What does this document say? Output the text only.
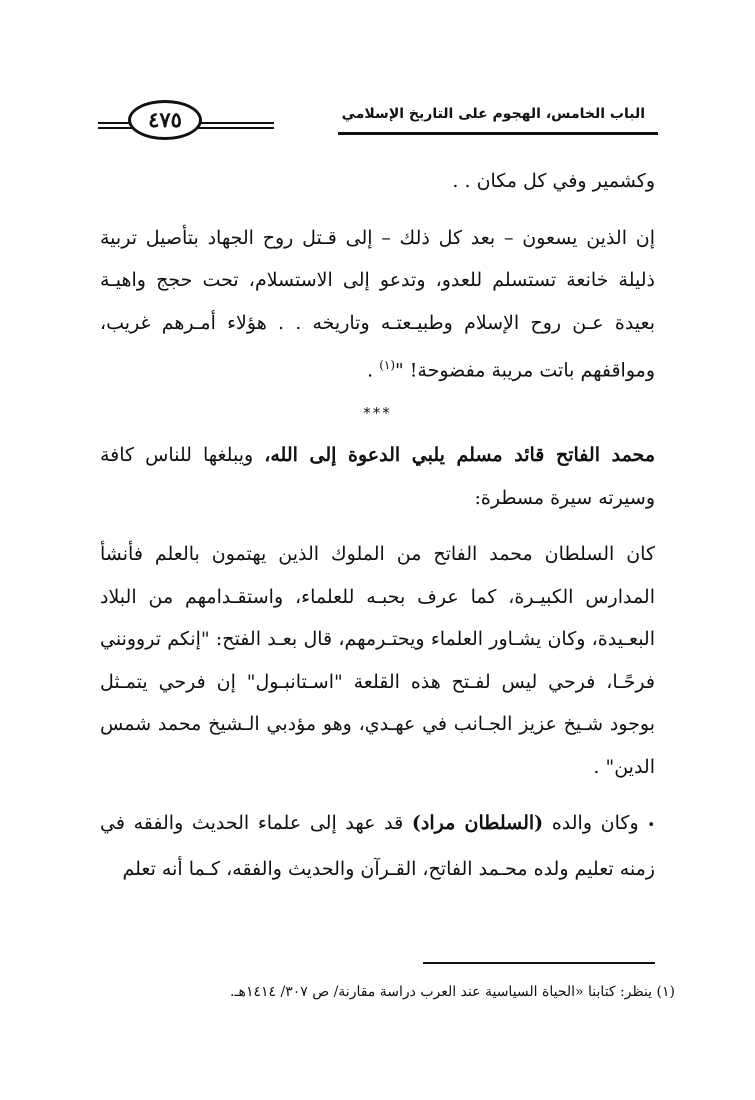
الباب الخامس، الهجوم على التاريخ الإسلامي
٤٧٥

وكشمير وفي كل مكان . .

إن الذين يسعون – بعد كل ذلك – إلى قـتل روح الجهاد بتأصيل تربية ذليلة خانعة تستسلم للعدو، وتدعو إلى الاستسلام، تحت حجج واهيـة بعيدة عـن روح الإسلام وطبيـعتـه وتاريخه . . هؤلاء أمـرهم غريب، ومواقفهم باتت مريبة مفضوحة! "$^{(١)}$ .

***

محمد الفاتح قائد مسلم يلبي الدعوة إلى الله، ويبلغها للناس كافة وسيرته سيرة مسطرة:

كان السلطان محمد الفاتح من الملوك الذين يهتمون بالعلم فأنشأ المدارس الكبيـرة، كما عرف بحبـه للعلماء، واستقـدامهم من البلاد البعـيدة، وكان يشـاور العلماء ويحتـرمهم، قال بعـد الفتح: "إنكم تروونني فرحًـا، فرحي ليس لفـتح هذه القلعة "اسـتانبـول" إن فرحي يتمـثل بوجود شـيخ عزيز الجـانب في عهـدي، وهو مؤدبي الـشيخ محمد شمس الدين" .

• وكان والده (السلطان مراد) قد عهد إلى علماء الحديث والفقه في زمنه تعليم ولده محـمد الفاتح، القـرآن والحديث والفقه، كـما أنه تعلم

(١) ينظر: كتابنا «الحياة السياسية عند العرب دراسة مقارنة/ ص ٣٠٧/ ١٤١٤هـ.
